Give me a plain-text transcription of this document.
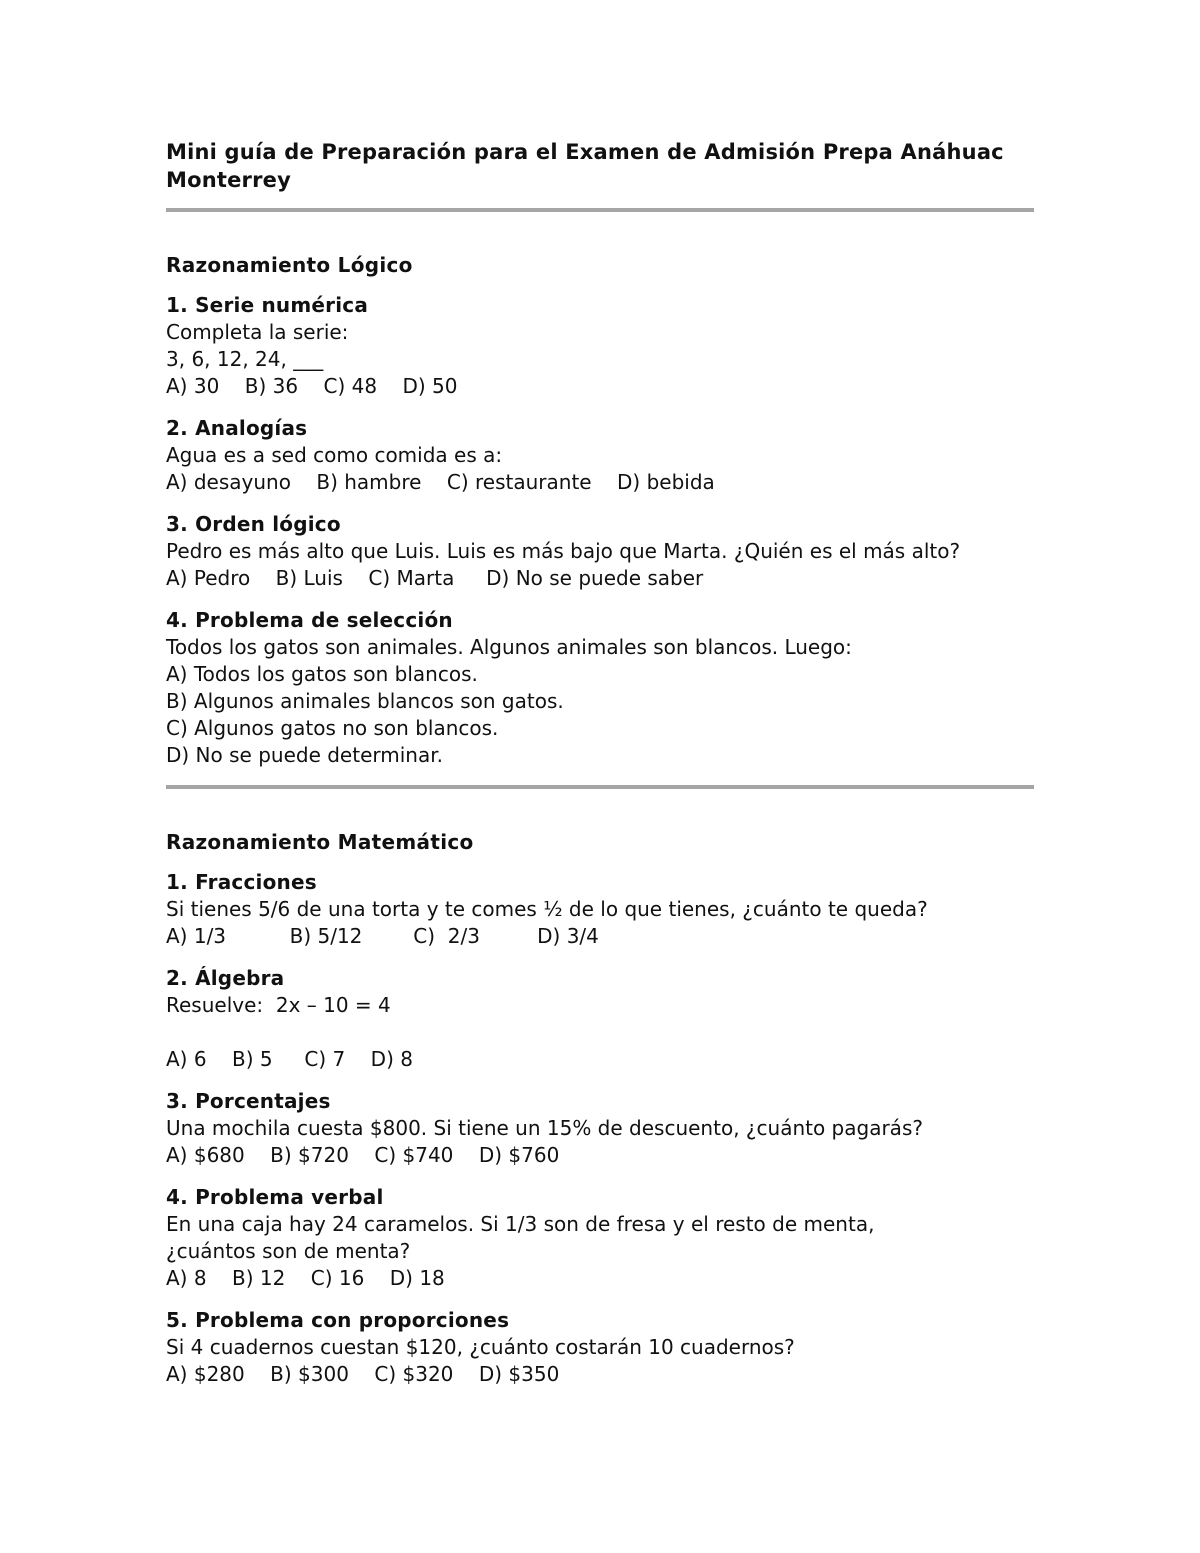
Mini guía de Preparación para el Examen de Admisión Prepa Anáhuac Monterrey
Razonamiento Lógico
1. Serie numérica
Completa la serie:
3, 6, 12, 24, ___
A) 30    B) 36    C) 48    D) 50
2. Analogías
Agua es a sed como comida es a:
A) desayuno    B) hambre    C) restaurante    D) bebida
3. Orden lógico
Pedro es más alto que Luis. Luis es más bajo que Marta. ¿Quién es el más alto?
A) Pedro    B) Luis    C) Marta     D) No se puede saber
4. Problema de selección
Todos los gatos son animales. Algunos animales son blancos. Luego:
A) Todos los gatos son blancos.
B) Algunos animales blancos son gatos.
C) Algunos gatos no son blancos.
D) No se puede determinar.
Razonamiento Matemático
1. Fracciones
Si tienes 5/6 de una torta y te comes ½ de lo que tienes, ¿cuánto te queda?
A) 1/3          B) 5/12        C)  2/3         D) 3/4
2. Álgebra
Resuelve:  2x – 10 = 4
A) 6    B) 5     C) 7    D) 8
3. Porcentajes
Una mochila cuesta $800. Si tiene un 15% de descuento, ¿cuánto pagarás?
A) $680    B) $720    C) $740    D) $760
4. Problema verbal
En una caja hay 24 caramelos. Si 1/3 son de fresa y el resto de menta,
¿cuántos son de menta?
A) 8    B) 12    C) 16    D) 18
5. Problema con proporciones
Si 4 cuadernos cuestan $120, ¿cuánto costarán 10 cuadernos?
A) $280    B) $300    C) $320    D) $350
